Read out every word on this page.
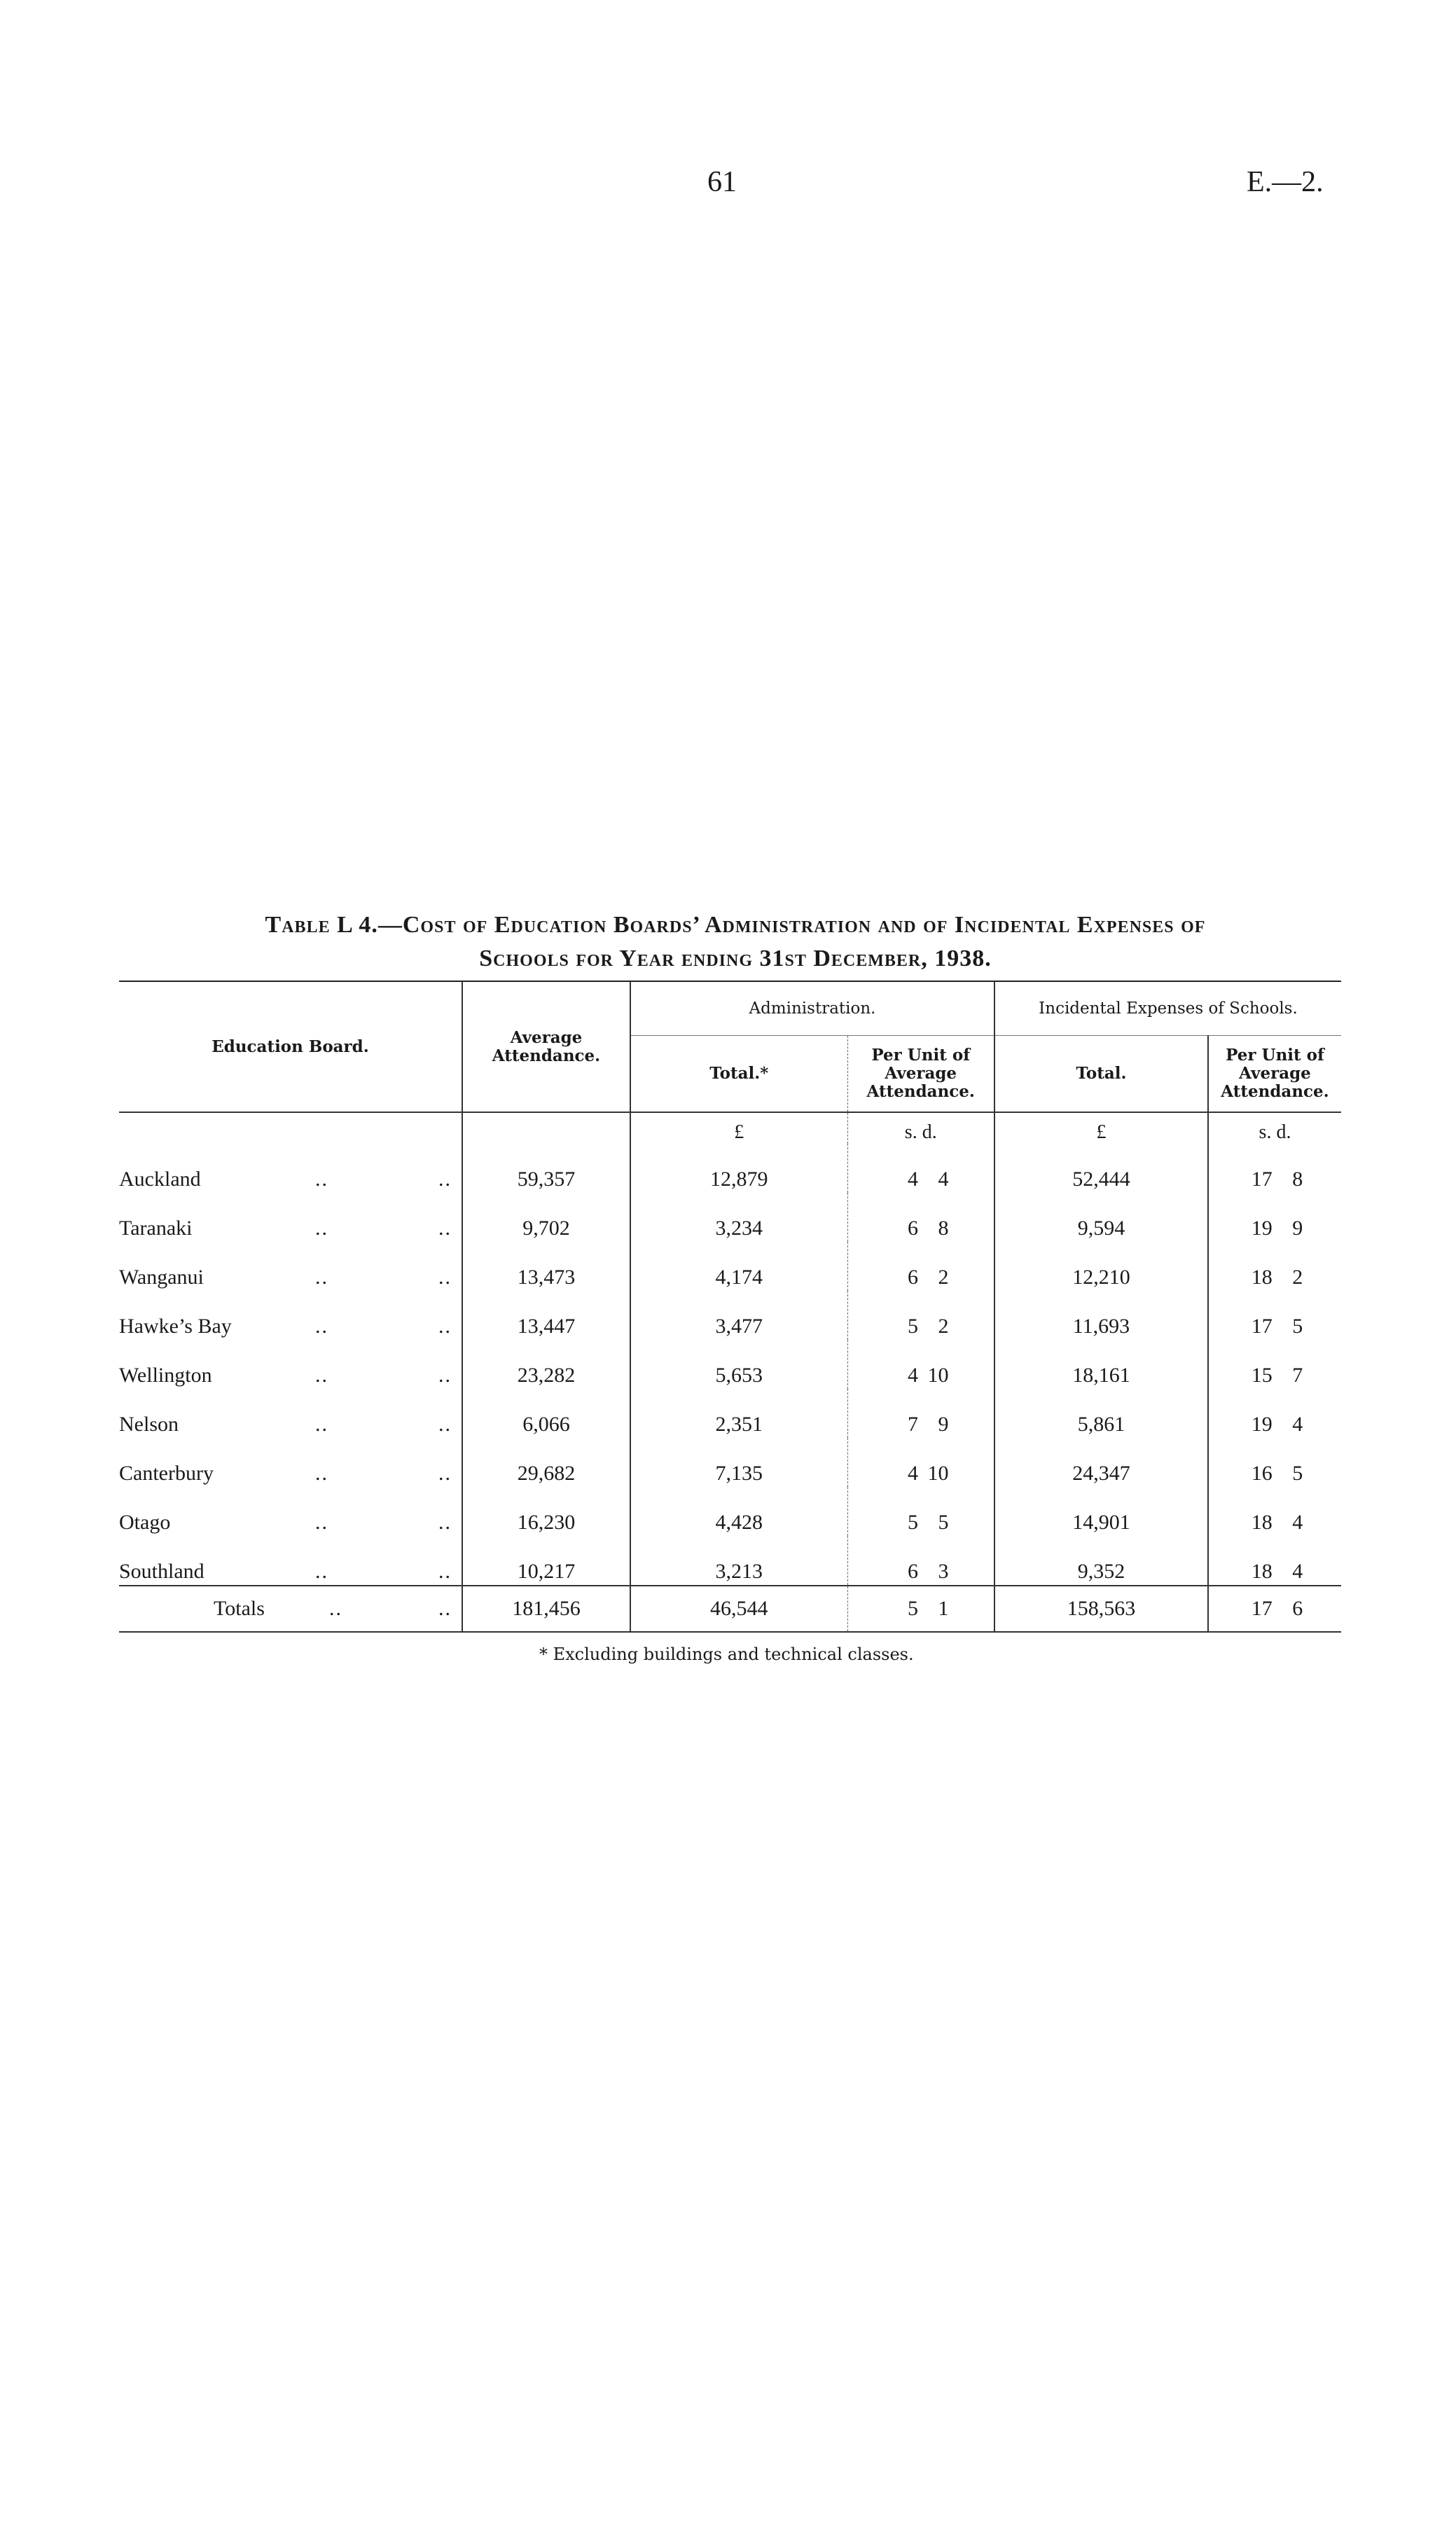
61	E.—2.
Table L 4.—Cost of Education Boards’ Administration and of Incidental Expenses of
Schools for Year ending 31st December, 1938.
Education Board.	Average Attendance.	Administration.		Incidental Expenses of Schools.	
		Total.*	Per Unit of Average Attendance.	Total.	Per Unit of Average Attendance.
		£	s. d.	£	s. d.
Auckland .. ..	59,357	12,879	4 4	52,444	17 8
Taranaki .. ..	9,702	3,234	6 8	9,594	19 9
Wanganui .. ..	13,473	4,174	6 2	12,210	18 2
Hawke’s Bay .. ..	13,447	3,477	5 2	11,693	17 5
Wellington .. ..	23,282	5,653	4 10	18,161	15 7
Nelson .. ..	6,066	2,351	7 9	5,861	19 4
Canterbury .. ..	29,682	7,135	4 10	24,347	16 5
Otago .. ..	16,230	4,428	5 5	14,901	18 4
Southland .. ..	10,217	3,213	6 3	9,352	18 4
Totals .. ..	181,456	46,544	5 1	158,563	17 6
* Excluding buildings and technical classes.
